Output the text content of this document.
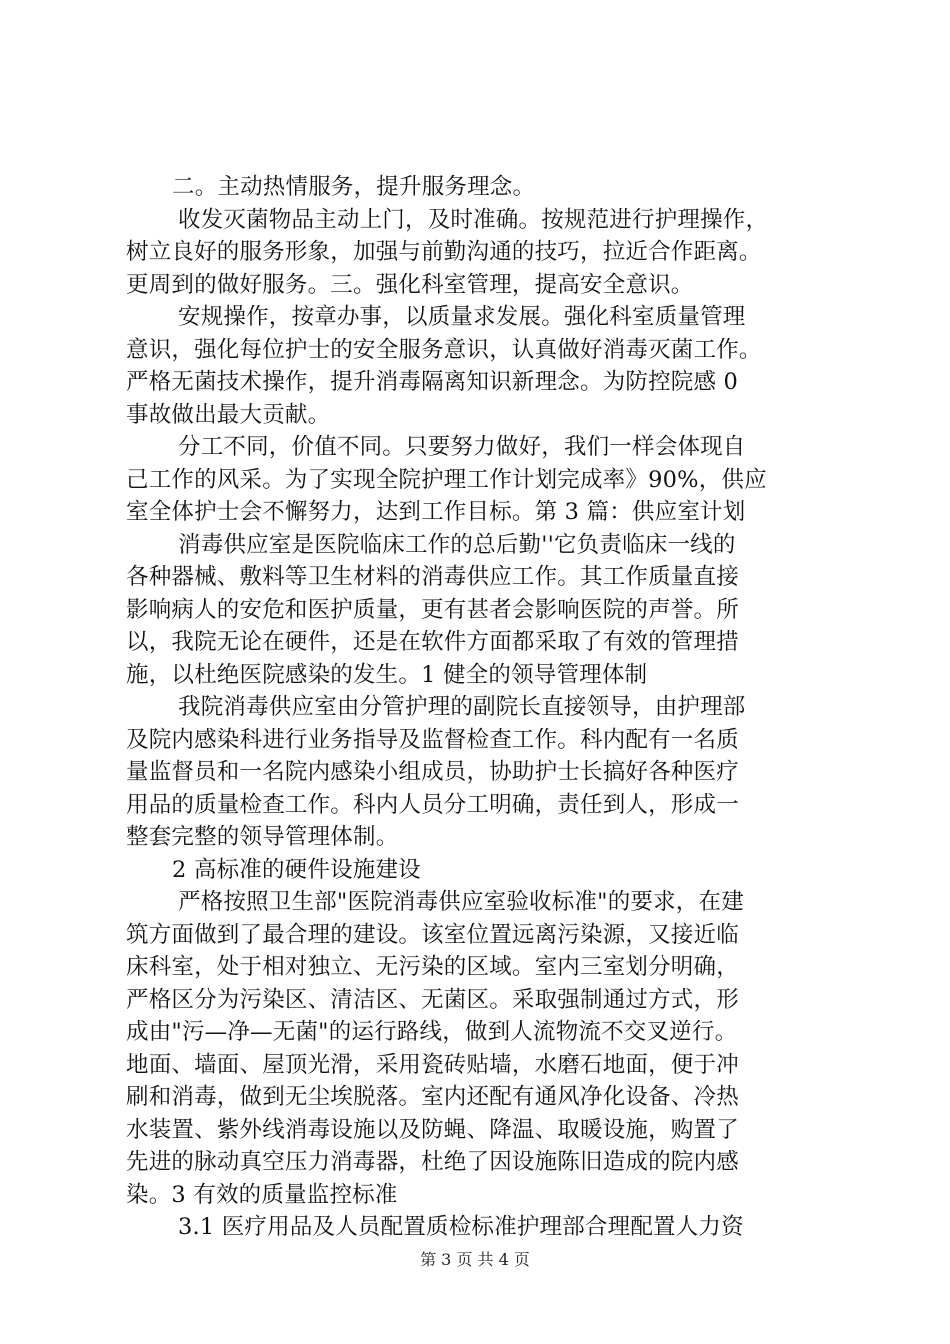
二。主动热情服务，提升服务理念。
收发灭菌物品主动上门，及时准确。按规范进行护理操作，
树立良好的服务形象，加强与前勤沟通的技巧，拉近合作距离。
更周到的做好服务。三。强化科室管理，提高安全意识。
安规操作，按章办事，以质量求发展。强化科室质量管理
意识，强化每位护士的安全服务意识，认真做好消毒灭菌工作。
严格无菌技术操作，提升消毒隔离知识新理念。为防控院感 0
事故做出最大贡献。
分工不同，价值不同。只要努力做好，我们一样会体现自
己工作的风采。为了实现全院护理工作计划完成率》90%，供应
室全体护士会不懈努力，达到工作目标。第 3 篇：供应室计划
消毒供应室是医院临床工作的总后勤''它负责临床一线的
各种器械、敷料等卫生材料的消毒供应工作。其工作质量直接
影响病人的安危和医护质量，更有甚者会影响医院的声誉。所
以，我院无论在硬件，还是在软件方面都采取了有效的管理措
施，以杜绝医院感染的发生。1 健全的领导管理体制
我院消毒供应室由分管护理的副院长直接领导，由护理部
及院内感染科进行业务指导及监督检查工作。科内配有一名质
量监督员和一名院内感染小组成员，协助护士长搞好各种医疗
用品的质量检查工作。科内人员分工明确，责任到人，形成一
整套完整的领导管理体制。
2 高标准的硬件设施建设
严格按照卫生部"医院消毒供应室验收标准"的要求，在建
筑方面做到了最合理的建设。该室位置远离污染源，又接近临
床科室，处于相对独立、无污染的区域。室内三室划分明确，
严格区分为污染区、清洁区、无菌区。采取强制通过方式，形
成由"污—净—无菌"的运行路线，做到人流物流不交叉逆行。
地面、墙面、屋顶光滑，采用瓷砖贴墙，水磨石地面，便于冲
刷和消毒，做到无尘埃脱落。室内还配有通风净化设备、冷热
水装置、紫外线消毒设施以及防蝇、降温、取暖设施，购置了
先进的脉动真空压力消毒器，杜绝了因设施陈旧造成的院内感
染。3 有效的质量监控标准
3.1 医疗用品及人员配置质检标准护理部合理配置人力资
第 3 页 共 4 页
